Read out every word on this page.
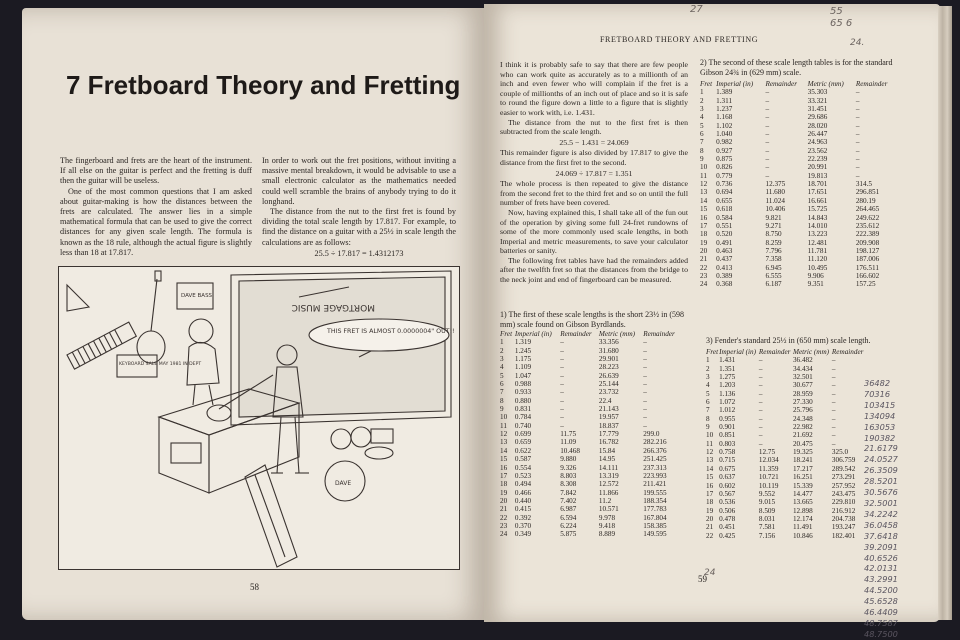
7 Fretboard Theory and Fretting

The fingerboard and frets are the heart of the instrument. If all else on the guitar is perfect and the fretting is duff then the guitar will be useless.

One of the most common questions that I am asked about guitar-making is how the distances between the frets are calculated. The answer lies in a simple mathematical formula that can be used to give the correct distances for any given scale length. The formula is known as the 18 rule, although the actual figure is slightly less than 18 at 17.817.

In order to work out the fret positions, without inviting a massive mental breakdown, it would be advisable to use a small electronic calculator as the mathematics needed could well scramble the brains of anybody trying to do it longhand.

The distance from the nut to the first fret is found by dividing the total scale length by 17.817. For example, to find the distance on a guitar with a 25½ in scale length the calculations are as follows:

25.5 ÷ 17.817 = 1.4312173
MORTGAGE MUSIC
THIS FRET IS ALMOST 0.0000004" OUT!!
KEYBOARD SALE MAY 1981 IN DEPT
DAVE BASS
DAVE
58
FRETBOARD THEORY AND FRETTING

I think it is probably safe to say that there are few people who can work quite as accurately as to a millionth of an inch and even fewer who will complain if the fret is a couple of millionths of an inch out of place and so it is safe to round the figure down a little to a figure that is slightly easier to work with, i.e. 1.431.

The distance from the nut to the first fret is then subtracted from the scale length.

25.5 − 1.431 = 24.069

This remainder figure is also divided by 17.817 to give the distance from the first fret to the second.

24.069 ÷ 17.817 = 1.351

The whole process is then repeated to give the distance from the second fret to the third fret and so on until the full number of frets have been covered.

Now, having explained this, I shall take all of the fun out of the operation by giving some full 24-fret rundowns of some of the more commonly used scale lengths, in both Imperial and metric measurements, to save your calculator batteries or sanity.

The following fret tables have had the remainders added after the twelfth fret so that the distances from the bridge to the neck joint and end of fingerboard can be measured.

1) The first of these scale lengths is the short 23½ in (598 mm) scale found on Gibson Byrdlands.
Fret	Imperial (in)	Remainder	Metric (mm)	Remainder
1	1.319	–	33.356	–
2	1.245	–	31.680	–
3	1.175	–	29.901	–
4	1.109	–	28.223	–
5	1.047	–	26.639	–
6	0.988	–	25.144	–
7	0.933	–	23.732	–
8	0.880	–	22.4	–
9	0.831	–	21.143	–
10	0.784	–	19.957	–
11	0.740	–	18.837	–
12	0.699	11.75	17.779	299.0
13	0.659	11.09	16.782	282.216
14	0.622	10.468	15.84	266.376
15	0.587	9.880	14.95	251.425
16	0.554	9.326	14.111	237.313
17	0.523	8.803	13.319	223.993
18	0.494	8.308	12.572	211.421
19	0.466	7.842	11.866	199.555
20	0.440	7.402	11.2	188.354
21	0.415	6.987	10.571	177.783
22	0.392	6.594	9.978	167.804
23	0.370	6.224	9.418	158.385
24	0.349	5.875	8.889	149.595
2) The second of these scale length tables is for the standard Gibson 24¾ in (629 mm) scale.
Fret	Imperial (in)	Remainder	Metric (mm)	Remainder
1	1.389	–	35.303	–
2	1.311	–	33.321	–
3	1.237	–	31.451	–
4	1.168	–	29.686	–
5	1.102	–	28.020	–
6	1.040	–	26.447	–
7	0.982	–	24.963	–
8	0.927	–	23.562	–
9	0.875	–	22.239	–
10	0.826	–	20.991	–
11	0.779	–	19.813	–
12	0.736	12.375	18.701	314.5
13	0.694	11.680	17.651	296.851
14	0.655	11.024	16.661	280.19
15	0.618	10.406	15.725	264.465
16	0.584	9.821	14.843	249.622
17	0.551	9.271	14.010	235.612
18	0.520	8.750	13.223	222.389
19	0.491	8.259	12.481	209.908
20	0.463	7.796	11.781	198.127
21	0.437	7.358	11.120	187.006
22	0.413	6.945	10.495	176.511
23	0.389	6.555	9.906	166.602
24	0.368	6.187	9.351	157.25
3) Fender's standard 25½ in (650 mm) scale length.
Fret	Imperial (in)	Remainder	Metric (mm)	Remainder
1	1.431	–	36.482	–
2	1.351	–	34.434	–
3	1.275	–	32.501	–
4	1.203	–	30.677	–
5	1.136	–	28.959	–
6	1.072	–	27.330	–
7	1.012	–	25.796	–
8	0.955	–	24.348	–
9	0.901	–	22.982	–
10	0.851	–	21.692	–
11	0.803	–	20.475	–
12	0.758	12.75	19.325	325.0
13	0.715	12.034	18.241	306.759
14	0.675	11.359	17.217	289.542
15	0.637	10.721	16.251	273.291
16	0.602	10.119	15.339	257.952
17	0.567	9.552	14.477	243.475
18	0.536	9.015	13.665	229.810
19	0.506	8.509	12.898	216.912
20	0.478	8.031	12.174	204.738
21	0.451	7.581	11.491	193.247
22	0.425	7.156	10.846	182.401
59
27	55
65 6
24.
24
36482
70316
103415
134094
163053
190382
21.6179
24.0527
26.3509
28.5201
30.5676
32.5001
34.2242
36.0458
37.6418
39.2091
40.6526
42.0131
43.2991
44.5200
45.6528
46.4409
48.7587
48.7500
